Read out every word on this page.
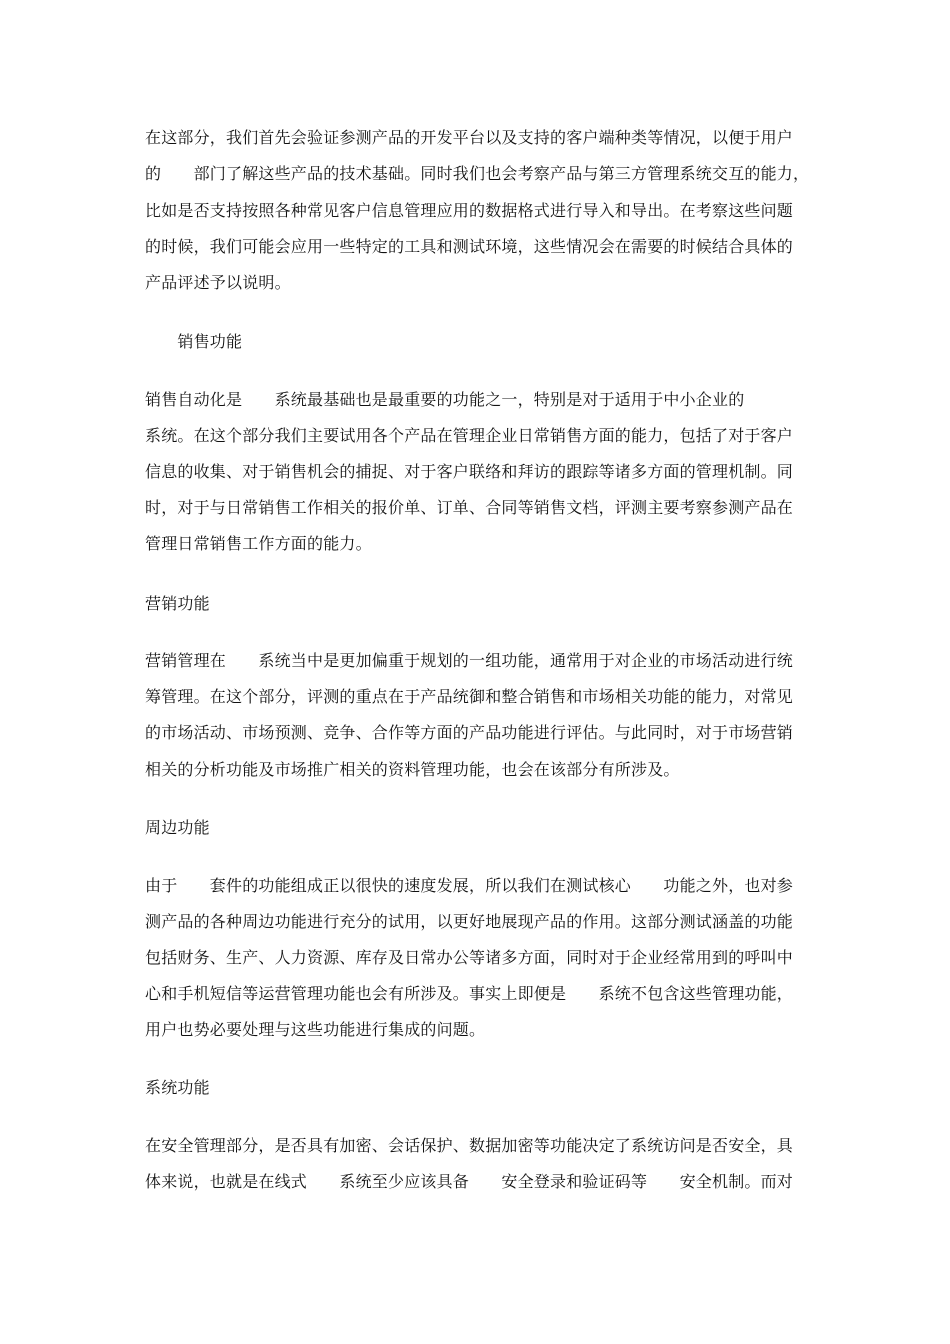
在这部分，我们首先会验证参测产品的开发平台以及支持的客户端种类等情况，以便于用户
的　　部门了解这些产品的技术基础。同时我们也会考察产品与第三方管理系统交互的能力，
比如是否支持按照各种常见客户信息管理应用的数据格式进行导入和导出。在考察这些问题
的时候，我们可能会应用一些特定的工具和测试环境，这些情况会在需要的时候结合具体的
产品评述予以说明。
　　销售功能
销售自动化是　　系统最基础也是最重要的功能之一，特别是对于适用于中小企业的
系统。在这个部分我们主要试用各个产品在管理企业日常销售方面的能力，包括了对于客户
信息的收集、对于销售机会的捕捉、对于客户联络和拜访的跟踪等诸多方面的管理机制。同
时，对于与日常销售工作相关的报价单、订单、合同等销售文档，评测主要考察参测产品在
管理日常销售工作方面的能力。
营销功能
营销管理在　　系统当中是更加偏重于规划的一组功能，通常用于对企业的市场活动进行统
筹管理。在这个部分，评测的重点在于产品统御和整合销售和市场相关功能的能力，对常见
的市场活动、市场预测、竞争、合作等方面的产品功能进行评估。与此同时，对于市场营销
相关的分析功能及市场推广相关的资料管理功能，也会在该部分有所涉及。
周边功能
由于　　套件的功能组成正以很快的速度发展，所以我们在测试核心　　功能之外，也对参
测产品的各种周边功能进行充分的试用，以更好地展现产品的作用。这部分测试涵盖的功能
包括财务、生产、人力资源、库存及日常办公等诸多方面，同时对于企业经常用到的呼叫中
心和手机短信等运营管理功能也会有所涉及。事实上即便是　　系统不包含这些管理功能，
用户也势必要处理与这些功能进行集成的问题。
系统功能
在安全管理部分，是否具有加密、会话保护、数据加密等功能决定了系统访问是否安全，具
体来说，也就是在线式　　系统至少应该具备　　安全登录和验证码等　　安全机制。而对
